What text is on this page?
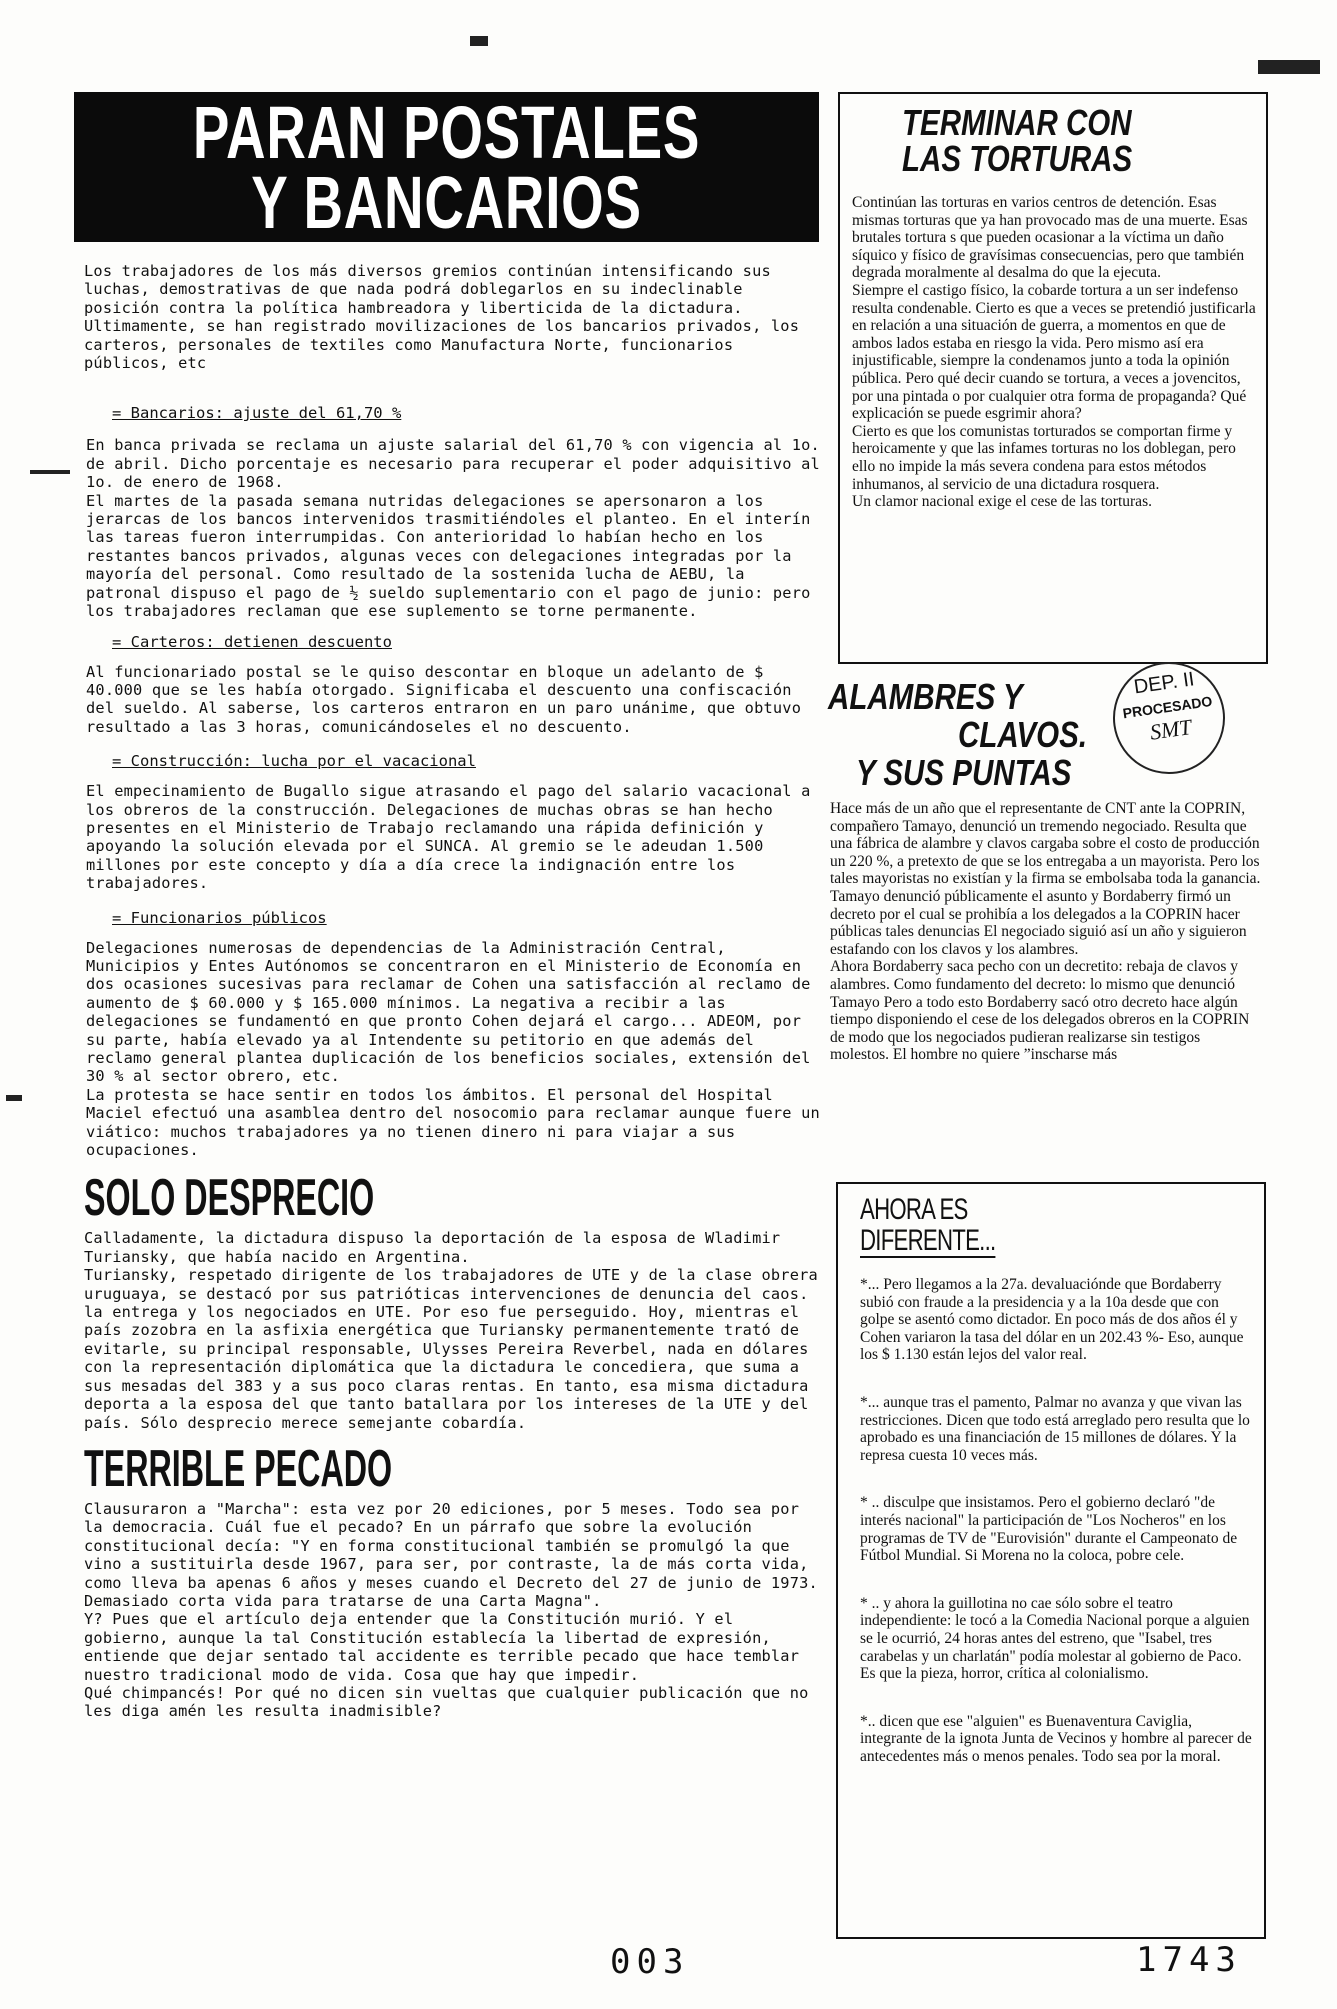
PARAN POSTALES
Y BANCARIOS

Los trabajadores de los más diversos gremios continúan intensificando sus luchas, demostrativas de que nada podrá doblegarlos en su indeclinable posición contra la política hambreadora y liberticida de la dictadura. Ultimamente, se han registrado movilizaciones de los bancarios privados, los carteros, personales de textiles como Manufactura Norte, funcionarios públicos, etc

= Bancarios: ajuste del 61,70 %

En banca privada se reclama un ajuste salarial del 61,70 % con vigencia al 1o. de abril. Dicho porcentaje es necesario para recuperar el poder adquisitivo al 1o. de enero de 1968.
El martes de la pasada semana nutridas delegaciones se apersonaron a los jerarcas de los bancos intervenidos trasmitiéndoles el planteo. En el interín las tareas fueron interrumpidas. Con anterioridad lo habían hecho en los restantes bancos privados, algunas veces con delegaciones integradas por la mayoría del personal. Como resultado de la sostenida lucha de AEBU, la patronal dispuso el pago de ½ sueldo suplementario con el pago de junio: pero los trabajadores reclaman que ese suplemento se torne permanente.

= Carteros: detienen descuento

Al funcionariado postal se le quiso descontar en bloque un adelanto de $ 40.000 que se les había otorgado. Significaba el descuento una confiscación del sueldo. Al saberse, los carteros entraron en un paro unánime, que obtuvo resultado a las 3 horas, comunicándoseles el no descuento.

= Construcción: lucha por el vacacional

El empecinamiento de Bugallo sigue atrasando el pago del salario vacacional a los obreros de la construcción. Delegaciones de muchas obras se han hecho presentes en el Ministerio de Trabajo reclamando una rápida definición y apoyando la solución elevada por el SUNCA. Al gremio se le adeudan 1.500 millones por este concepto y día a día crece la indignación entre los trabajadores.

= Funcionarios públicos

Delegaciones numerosas de dependencias de la Administración Central, Municipios y Entes Autónomos se concentraron en el Ministerio de Economía en dos ocasiones sucesivas para reclamar de Cohen una satisfacción al reclamo de aumento de $ 60.000 y $ 165.000 mínimos. La negativa a recibir a las delegaciones se fundamentó en que pronto Cohen dejará el cargo... ADEOM, por su parte, había elevado ya al Intendente su petitorio en que además del reclamo general plantea duplicación de los beneficios sociales, extensión del 30 % al sector obrero, etc.
La protesta se hace sentir en todos los ámbitos. El personal del Hospital Maciel efectuó una asamblea dentro del nosocomio para reclamar aunque fuere un viático: muchos trabajadores ya no tienen dinero ni para viajar a sus ocupaciones.

SOLO DESPRECIO

Calladamente, la dictadura dispuso la deportación de la esposa de Wladimir Turiansky, que había nacido en Argentina.
Turiansky, respetado dirigente de los trabajadores de UTE y de la clase obrera uruguaya, se destacó por sus patrióticas intervenciones de denuncia del caos. la entrega y los negociados en UTE. Por eso fue perseguido. Hoy, mientras el país zozobra en la asfixia energética que Turiansky permanentemente trató de evitarle, su principal responsable, Ulysses Pereira Reverbel, nada en dólares con la representación diplomática que la dictadura le concediera, que suma a sus mesadas del 383 y a sus poco claras rentas. En tanto, esa misma dictadura deporta a la esposa del que tanto batallara por los intereses de la UTE y del país. Sólo desprecio merece semejante cobardía.

TERRIBLE PECADO

Clausuraron a "Marcha": esta vez por 20 ediciones, por 5 meses. Todo sea por la democracia. Cuál fue el pecado? En un párrafo que sobre la evolución constitucional decía: "Y en forma constitucional también se promulgó la que vino a sustituirla desde 1967, para ser, por contraste, la de más corta vida, como lleva ba apenas 6 años y meses cuando el Decreto del 27 de junio de 1973. Demasiado corta vida para tratarse de una Carta Magna".
Y? Pues que el artículo deja entender que la Constitución murió. Y el gobierno, aunque la tal Constitución establecía la libertad de expresión, entiende que dejar sentado tal accidente es terrible pecado que hace temblar nuestro tradicional modo de vida. Cosa que hay que impedir.
Qué chimpancés! Por qué no dicen sin vueltas que cualquier publicación que no les diga amén les resulta inadmisible?

TERMINAR CON
LAS TORTURAS

Continúan las torturas en varios centros de detención. Esas mismas torturas que ya han provocado mas de una muerte. Esas brutales tortura s que pueden ocasionar a la víctima un daño síquico y físico de gravísimas consecuencias, pero que también degrada moralmente al desalma do que la ejecuta.
Siempre el castigo físico, la cobarde tortura a un ser indefenso resulta condenable. Cierto es que a veces se pretendió justificarla en relación a una situación de guerra, a momentos en que de ambos lados estaba en riesgo la vida. Pero mismo así era injustificable, siempre la condenamos junto a toda la opinión pública. Pero qué decir cuando se tortura, a veces a jovencitos, por una pintada o por cualquier otra forma de propaganda? Qué explicación se puede esgrimir ahora?
Cierto es que los comunistas torturados se comportan firme y heroicamente y que las infames torturas no los doblegan, pero ello no impide la más severa condena para estos métodos inhumanos, al servicio de una dictadura rosquera.
Un clamor nacional exige el cese de las torturas.

DEP. II
PROCESADO
SMT
ALAMBRES Y
CLAVOS.
Y SUS PUNTAS

Hace más de un año que el representante de CNT ante la COPRIN, compañero Tamayo, denunció un tremendo negociado. Resulta que una fábrica de alambre y clavos cargaba sobre el costo de producción un 220 %, a pretexto de que se los entregaba a un mayorista. Pero los tales mayoristas no existían y la firma se embolsaba toda la ganancia.
Tamayo denunció públicamente el asunto y Bordaberry firmó un decreto por el cual se prohibía a los delegados a la COPRIN hacer públicas tales denuncias El negociado siguió así un año y siguieron estafando con los clavos y los alambres.
Ahora Bordaberry saca pecho con un decretito: rebaja de clavos y alambres. Como fundamento del decreto: lo mismo que denunció Tamayo Pero a todo esto Bordaberry sacó otro decreto hace algún tiempo disponiendo el cese de los delegados obreros en la COPRIN de modo que los negociados pudieran realizarse sin testigos molestos. El hombre no quiere ”inscharse más

AHORA ES
DIFERENTE...

*... Pero llegamos a la 27a. devaluaciónde que Bordaberry subió con fraude a la presidencia y a la 10a desde que con golpe se asentó como dictador. En poco más de dos años él y Cohen variaron la tasa del dólar en un 202.43 %- Eso, aunque los $ 1.130 están lejos del valor real.

*... aunque tras el pamento, Palmar no avanza y que vivan las restricciones. Dicen que todo está arreglado pero resulta que lo aprobado es una financiación de 15 millones de dólares. Y la represa cuesta 10 veces más.

* .. disculpe que insistamos. Pero el gobierno declaró "de interés nacional" la participación de "Los Nocheros" en los programas de TV de "Eurovisión" durante el Campeonato de Fútbol Mundial. Si Morena no la coloca, pobre cele.

* .. y ahora la guillotina no cae sólo sobre el teatro independiente: le tocó a la Comedia Nacional porque a alguien se le ocurrió, 24 horas antes del estreno, que "Isabel, tres carabelas y un charlatán" podía molestar al gobierno de Paco. Es que la pieza, horror, crítica al colonialismo.

*.. dicen que ese "alguien" es Buenaventura Caviglia, integrante de la ignota Junta de Vecinos y hombre al parecer de antecedentes más o menos penales. Todo sea por la moral.

003	1743
